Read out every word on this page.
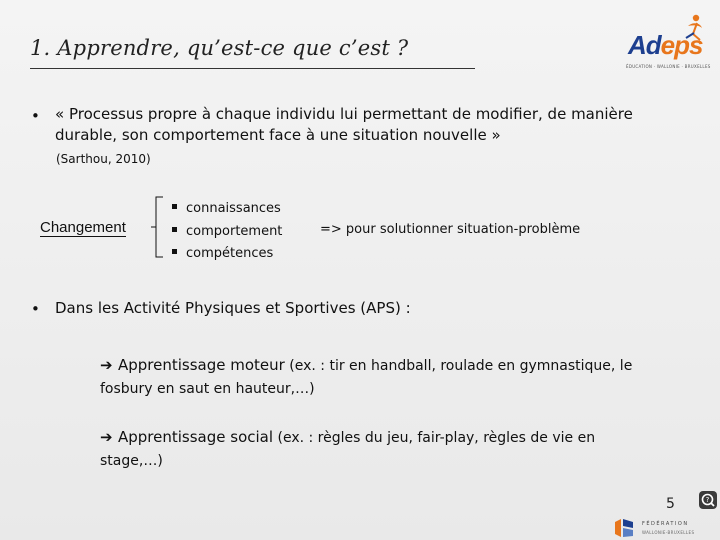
1. Apprendre, qu’est-ce que c’est ?	Adeps
ÉDUCATION · WALLONIE · BRUXELLES
• « Processus propre à chaque individu lui permettant de modifier, de manière durable, son comportement face à une situation nouvelle »
(Sarthou, 2010)
Changement
connaissances
comportement
compétences
=> pour solutionner situation-problème
• Dans les Activité Physiques et Sportives (APS) :
➔ Apprentissage moteur (ex. : tir en handball, roulade en gymnastique, le fosbury en saut en hauteur,…)
➔ Apprentissage social (ex. : règles du jeu, fair-play, règles de vie en stage,…)
5	?
FÉDÉRATION
WALLONIE-BRUXELLES
